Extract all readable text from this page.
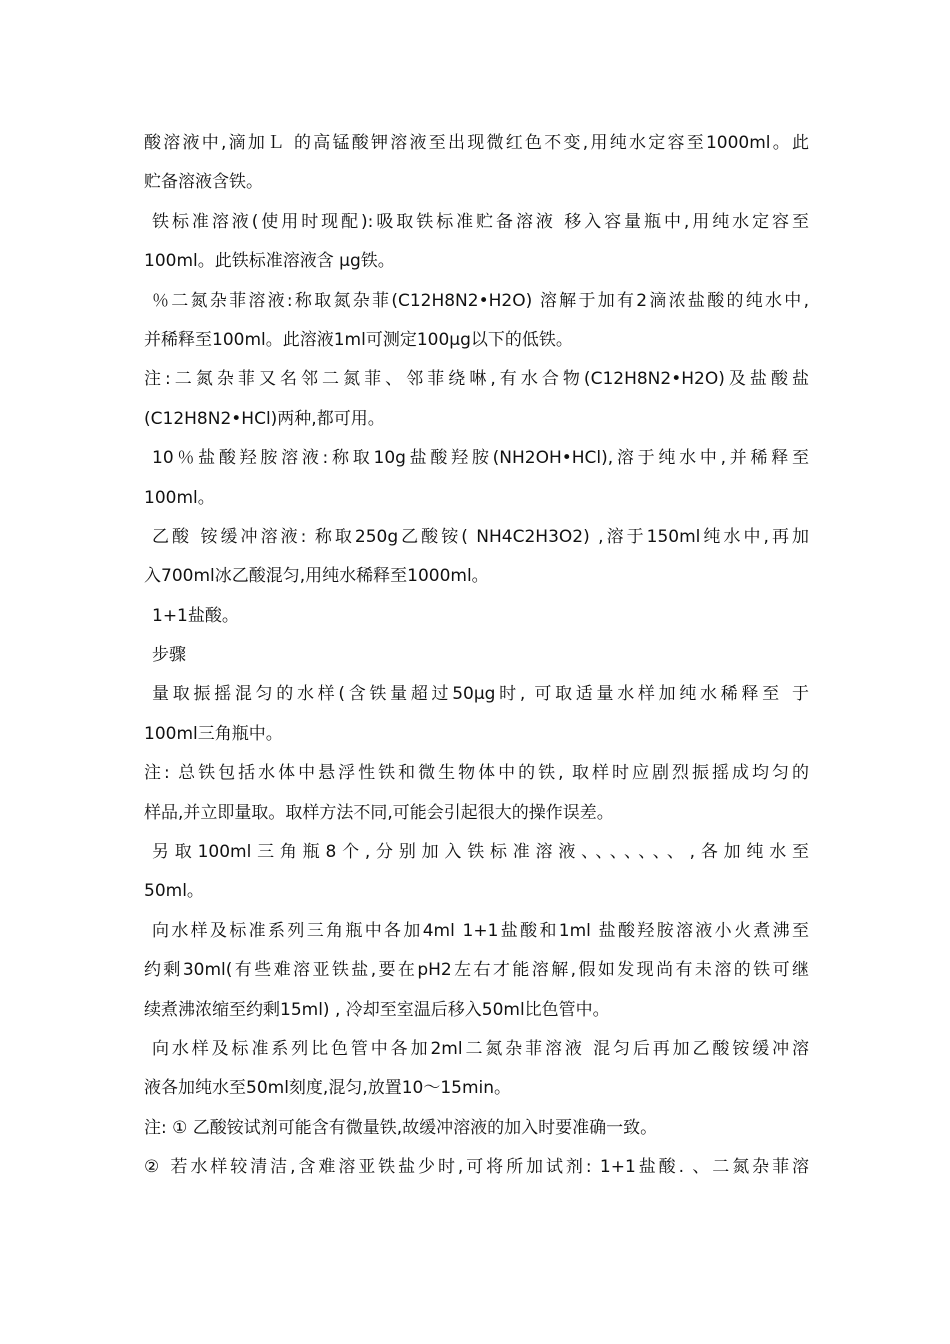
酸溶液中,滴加Ｌ 的高锰酸钾溶液至出现微红色不变,用纯水定容至1000ml。此
贮备溶液含铁。
铁标准溶液(使用时现配):吸取铁标准贮备溶液 移入容量瓶中,用纯水定容至
100ml。此铁标准溶液含 μg铁。
％二氮杂菲溶液:称取氮杂菲(C12H8N2•H2O) 溶解于加有2滴浓盐酸的纯水中,
并稀释至100ml。此溶液1ml可测定100μg以下的低铁。
注:二氮杂菲又名邻二氮菲、邻菲绕啉,有水合物(C12H8N2•H2O)及盐酸盐
(C12H8N2•HCl)两种,都可用。
10％盐酸羟胺溶液:称取10g盐酸羟胺(NH2OH•HCl),溶于纯水中,并稀释至
100ml。
乙酸 铵缓冲溶液: 称取250g乙酸铵( NH4C2H3O2) ,溶于150ml纯水中,再加
入700ml冰乙酸混匀,用纯水稀释至1000ml。
1+1盐酸。
步骤
量取振摇混匀的水样(含铁量超过50μg时, 可取适量水样加纯水稀释至 于
100ml三角瓶中。
注: 总铁包括水体中悬浮性铁和微生物体中的铁, 取样时应剧烈振摇成均匀的
样品,并立即量取。取样方法不同,可能会引起很大的操作误差。
另取100ml三角瓶8个,分别加入铁标准溶液、、、、、、、,各加纯水至
50ml。
向水样及标准系列三角瓶中各加4ml 1+1盐酸和1ml 盐酸羟胺溶液小火煮沸至
约剩30ml(有些难溶亚铁盐,要在pH2左右才能溶解,假如发现尚有未溶的铁可继
续煮沸浓缩至约剩15ml) , 冷却至室温后移入50ml比色管中。
向水样及标准系列比色管中各加2ml二氮杂菲溶液 混匀后再加乙酸铵缓冲溶
液各加纯水至50ml刻度,混匀,放置10～15min。
注: ① 乙酸铵试剂可能含有微量铁,故缓冲溶液的加入时要准确一致。
② 若水样较清洁,含难溶亚铁盐少时,可将所加试剂: 1+1盐酸. 、二氮杂菲溶
